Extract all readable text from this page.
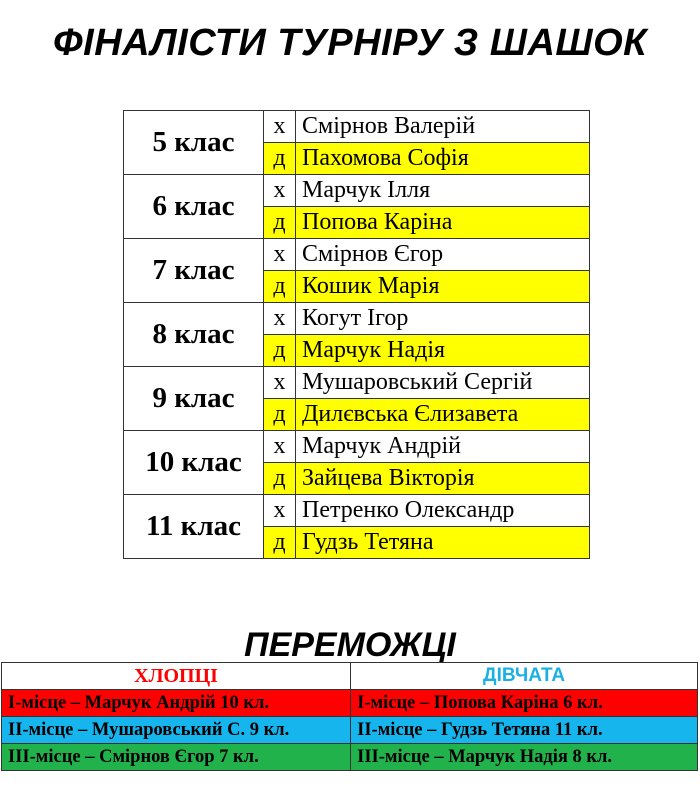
ФІНАЛІСТИ ТУРНІРУ З ШАШОК
5 клас	х	Смірнов Валерій
	д	Пахомова Софія
6 клас	х	Марчук Ілля
	д	Попова Каріна
7 клас	х	Смірнов Єгор
	д	Кошик Марія
8 клас	х	Когут Ігор
	д	Марчук Надія
9 клас	х	Мушаровський Сергій
	д	Дилєвська Єлизавета
10 клас	х	Марчук Андрій
	д	Зайцева Вікторія
11 клас	х	Петренко Олександр
	д	Гудзь Тетяна
ПЕРЕМОЖЦІ
ХЛОПЦІ	ДІВЧАТА
І-місце – Марчук Андрій 10 кл.	І-місце – Попова Каріна 6 кл.
ІІ-місце – Мушаровський С. 9 кл.	ІІ-місце – Гудзь Тетяна 11 кл.
ІІІ-місце – Смірнов Єгор 7 кл.	ІІІ-місце – Марчук Надія 8 кл.
